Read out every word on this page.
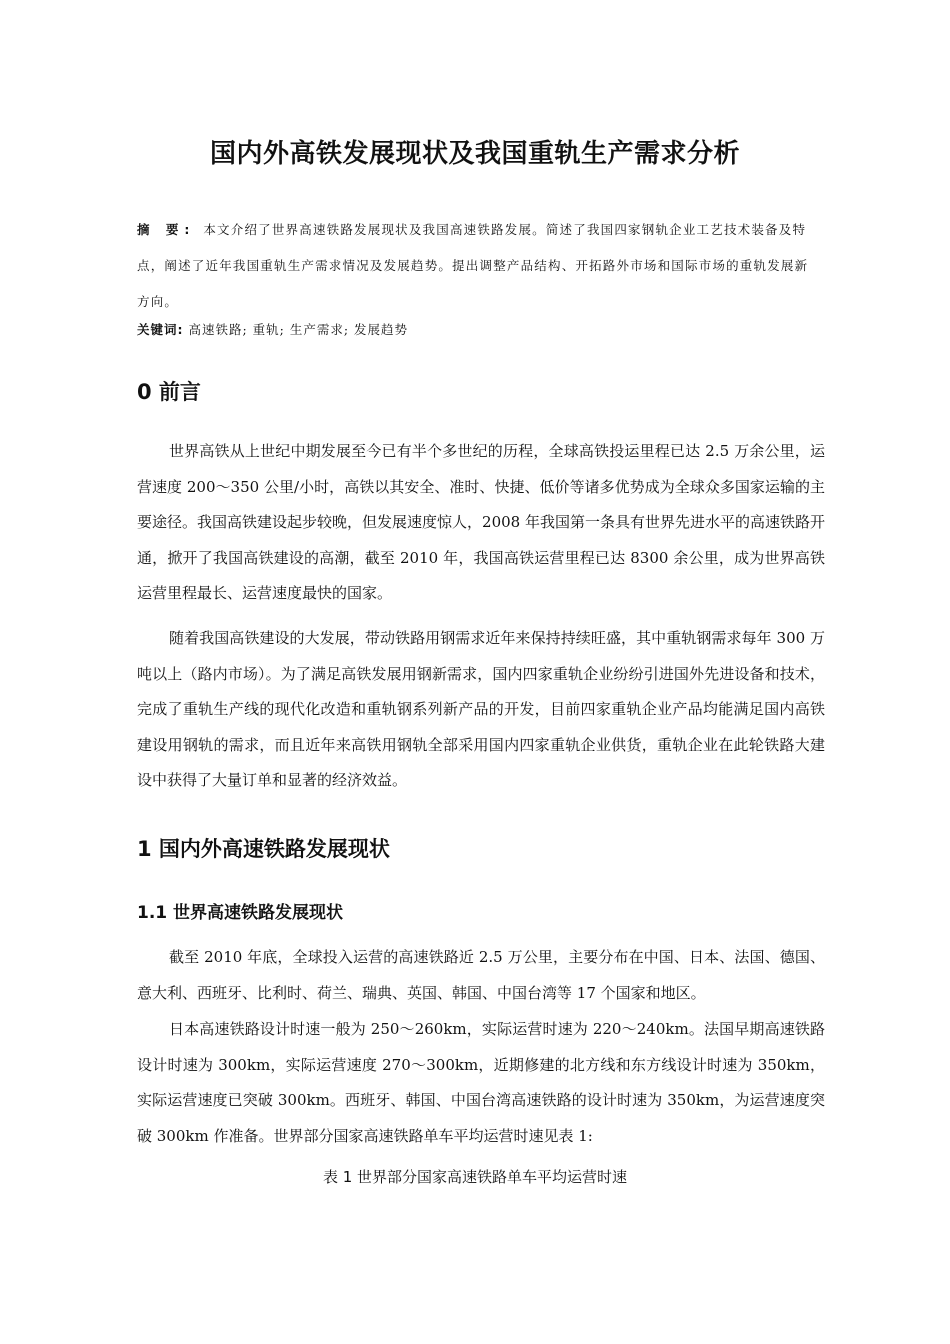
国内外高铁发展现状及我国重轨生产需求分析

摘 要: 本文介绍了世界高速铁路发展现状及我国高速铁路发展。简述了我国四家钢轨企业工艺技术装备及特点，阐述了近年我国重轨生产需求情况及发展趋势。提出调整产品结构、开拓路外市场和国际市场的重轨发展新方向。

关键词: 高速铁路; 重轨; 生产需求; 发展趋势
0 前言

世界高铁从上世纪中期发展至今已有半个多世纪的历程，全球高铁投运里程已达 2.5 万余公里，运营速度 200～350 公里/小时，高铁以其安全、准时、快捷、低价等诸多优势成为全球众多国家运输的主要途径。我国高铁建设起步较晚，但发展速度惊人，2008 年我国第一条具有世界先进水平的高速铁路开通，掀开了我国高铁建设的高潮，截至 2010 年，我国高铁运营里程已达 8300 余公里，成为世界高铁运营里程最长、运营速度最快的国家。

随着我国高铁建设的大发展，带动铁路用钢需求近年来保持持续旺盛，其中重轨钢需求每年 300 万吨以上（路内市场）。为了满足高铁发展用钢新需求，国内四家重轨企业纷纷引进国外先进设备和技术，完成了重轨生产线的现代化改造和重轨钢系列新产品的开发，目前四家重轨企业产品均能满足国内高铁建设用钢轨的需求，而且近年来高铁用钢轨全部采用国内四家重轨企业供货，重轨企业在此轮铁路大建设中获得了大量订单和显著的经济效益。

1 国内外高速铁路发展现状
1.1 世界高速铁路发展现状

截至 2010 年底，全球投入运营的高速铁路近 2.5 万公里，主要分布在中国、日本、法国、德国、意大利、西班牙、比利时、荷兰、瑞典、英国、韩国、中国台湾等 17 个国家和地区。

日本高速铁路设计时速一般为 250～260km，实际运营时速为 220～240km。法国早期高速铁路设计时速为 300km，实际运营速度 270～300km，近期修建的北方线和东方线设计时速为 350km，实际运营速度已突破 300km。西班牙、韩国、中国台湾高速铁路的设计时速为 350km，为运营速度突破 300km 作准备。世界部分国家高速铁路单车平均运营时速见表 1:

表 1 世界部分国家高速铁路单车平均运营时速
